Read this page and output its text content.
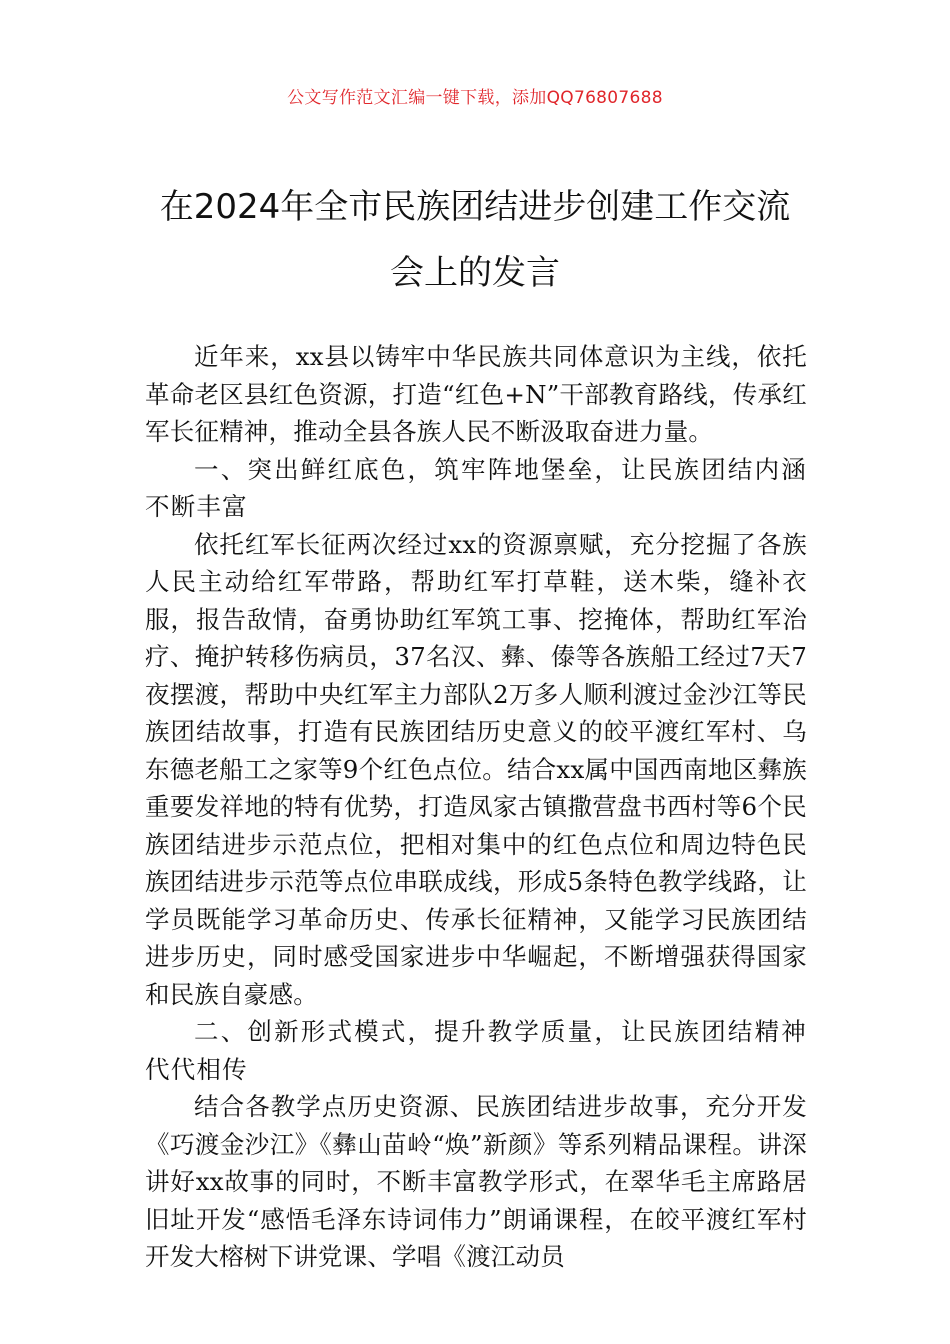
公文写作范文汇编一键下载，添加QQ76807688
在2024年全市民族团结进步创建工作交流
会上的发言

近年来，xx县以铸牢中华民族共同体意识为主线，依托革命老区县红色资源，打造“红色+N”干部教育路线，传承红军长征精神，推动全县各族人民不断汲取奋进力量。

一、突出鲜红底色，筑牢阵地堡垒，让民族团结内涵不断丰富

依托红军长征两次经过xx的资源禀赋，充分挖掘了各族人民主动给红军带路，帮助红军打草鞋，送木柴，缝补衣服，报告敌情，奋勇协助红军筑工事、挖掩体，帮助红军治疗、掩护转移伤病员，37名汉、彝、傣等各族船工经过7天7夜摆渡，帮助中央红军主力部队2万多人顺利渡过金沙江等民族团结故事，打造有民族团结历史意义的皎平渡红军村、乌东德老船工之家等9个红色点位。结合xx属中国西南地区彝族重要发祥地的特有优势，打造凤家古镇撒营盘书西村等6个民族团结进步示范点位，把相对集中的红色点位和周边特色民族团结进步示范等点位串联成线，形成5条特色教学线路，让学员既能学习革命历史、传承长征精神，又能学习民族团结进步历史，同时感受国家进步中华崛起，不断增强获得国家和民族自豪感。

二、创新形式模式，提升教学质量，让民族团结精神代代相传

结合各教学点历史资源、民族团结进步故事，充分开发《巧渡金沙江》《彝山苗岭“焕”新颜》等系列精品课程。讲深讲好xx故事的同时，不断丰富教学形式，在翠华毛主席路居旧址开发“感悟毛泽东诗词伟力”朗诵课程，在皎平渡红军村开发大榕树下讲党课、学唱《渡江动员
